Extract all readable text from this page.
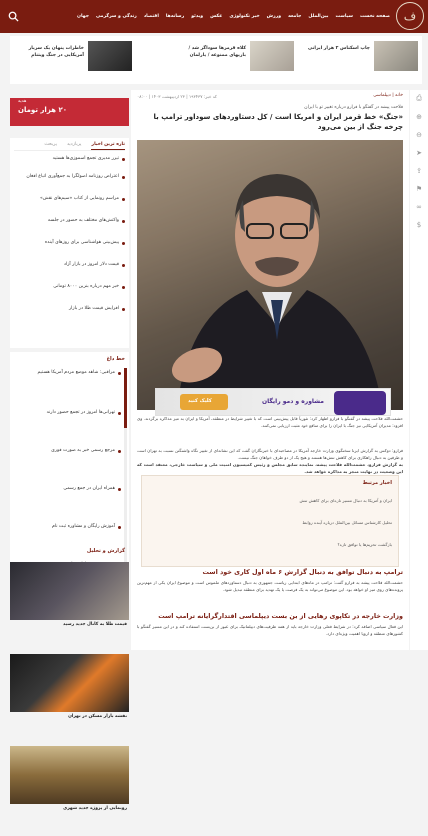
ف
صفحه نخست
سیاست
بین‌الملل
جامعه
ورزش
خبر تکنولوژی
عکس
ویدئو
رسانه‌ها
اقتصاد
زندگی و سرگرمی
جهان
چاپ اسکناس ۲ هزار ایرانی
کلاه قرمزها سوداگر شد / بازیهای ممنوعه / پارلمان
خاطرات پنهان یک سرباز آمریکایی در جنگ ویتنام
خانه | دیپلماسی
کد خبر: ۱۹۳۴۳۷ | ۲۳ اردیبهشت ۱۴۰۳ | ۰۸:۰۰
فلاحت پیشه در گفتگو با فرارو درباره تغییر تو با ایران
«جنگ» خط قرمز ایران و امریکا است / کل دستاوردهای سوداور ترامپ با چرخه جنگ از بین می‌رود
حشمت‌الله فلاحت پیشه در گفتگو با فرارو اظهار کرد: تئوریاً قابل پیش‌بینی است که با تغییر شرایط در منطقه، آمریکا و ایران به میز مذاکره برگردند. وی افزود: مدیران آمریکایی نیز جنگ با ایران را برای منافع خود مثبت ارزیابی نمی‌کنند.
مشاوره و دمو رایگان
کلیک کنید
فرارو: دوکس‌ به گزارش ایرنا سخنگوی وزارت خارجه آمریکا در مصاحبه‌ای با خبرنگاران گفت که این نشانه‌ای از تغییر نگاه واشنگتن نسبت به تهران است و طرفین به دنبال راهکاری برای کاهش تنش‌ها هستند و هیچ یک از دو طرف خواهان جنگ نیست.
به گزارش فرارو، حشمت‌الله فلاحت پیشه، نماینده سابق مجلس و رئیس کمیسیون امنیت ملی و سیاست خارجی، معتقد است که این وضعیت در نهایت منجر به مذاکره خواهد شد.
اخبار مرتبط
ایران و آمریکا به دنبال مسیر تازه‌ای برای کاهش تنش
تحلیل کارشناس مسائل بین‌الملل درباره آینده روابط
بازگشت تحریم‌ها یا توافق تازه؟
ترامپ به دنبال توافق به دنبال گزارش ۶ ماه اول کاری خود است
حشمت‌الله فلاحت پیشه به فرارو گفت: ترامپ در ماه‌های ابتدایی ریاست جمهوری به دنبال دستاوردهای ملموس است و موضوع ایران یکی از مهم‌ترین پرونده‌های روی میز او خواهد بود. این موضوع می‌تواند به یک فرصت یا یک تهدید برای منطقه تبدیل شود.
وزارت خارجه در تکاپوی رهایی از بن بست دیپلماسی اقتدارگرایانه ترامپ است
این فعال سیاسی اضافه کرد: در شرایط فعلی وزارت خارجه باید از همه ظرفیت‌های دیپلماتیک برای عبور از بن‌بست استفاده کند و در این مسیر گفتگو با کشورهای منطقه و اروپا اهمیت ویژه‌ای دارد.
⎙
⊕
⊖
➤
⇪
⚑
∞
$
۲۰ هزار تومان
هدیه
تازه ترین اخبار
پربازدید
پربحث
تیزر مدیری تجمع اسموزی‌ها هستید
اعتراض روزنامه اصولگرا به جمع‌آوری اتباع افغان
مراسم رونمایی از کتاب «سیم‌های نقش»
واکنش‌های مختلف به حضور در جلسه
پیش‌بینی هواشناسی برای روزهای آینده
قیمت دلار امروز در بازار آزاد
خبر مهم درباره بنزین ۸۰۰۰ تومانی
افزایش قیمت طلا در بازار
خط داغ
مراقبی: شاهد موضع مردم آمریکا هستیم
تهرانی‌ها امروز در تجمع حضور دارند
مرجع رسمی خبر به صورت فوری
همراه ایران در جمع رسمی
آموزش رایگان و مشاوره ثبت نام
گزارش و تحلیل
قیمت طلا به کانال جدید رسید
نقشه بازار مسکن در تهران
رونمایی از پروژه جدید شهری
